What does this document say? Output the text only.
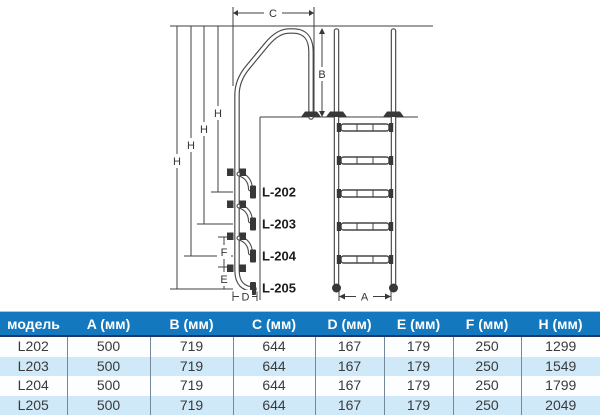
C
B
H
H
H
H
F
E
D	A
L-202
L-203
L-204
L-205
модель	A (мм)	B (мм)	C (мм)	D (мм)	E (мм)	F (мм)	H (мм)
L202	500	719	644	167	179	250	1299
L203	500	719	644	167	179	250	1549
L204	500	719	644	167	179	250	1799
L205	500	719	644	167	179	250	2049
